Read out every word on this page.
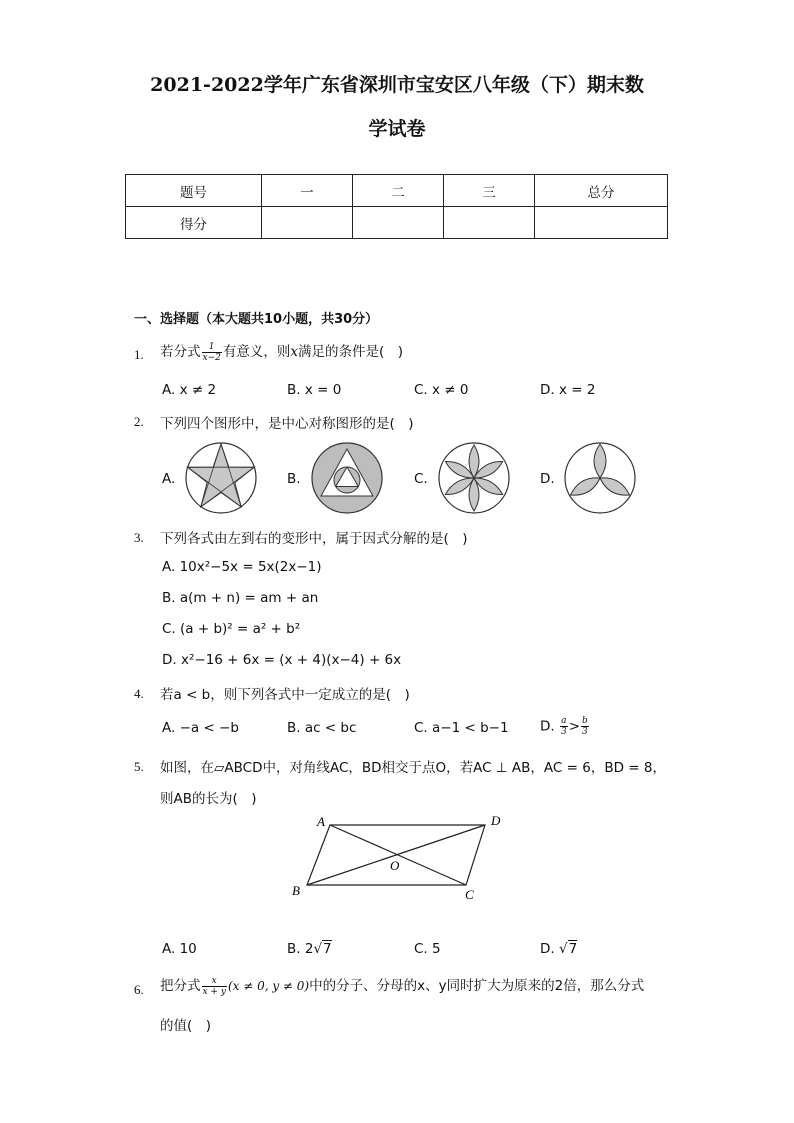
2021-2022学年广东省深圳市宝安区八年级（下）期末数
学试卷
题号	一	二	三	总分
得分				
一、选择题（本大题共10小题，共30分）
1. 若分式 $\frac{1}{x-2}$ 有意义，则x满足的条件是(　)
A. x ≠ 2	B. x = 0	C. x ≠ 0	D. x = 2
2. 下列四个图形中，是中心对称图形的是(　)
A.	B.	C.	D.
3. 下列各式由左到右的变形中，属于因式分解的是(　)
A. 10x²−5x = 5x(2x−1)
B. a(m + n) = am + an
C. (a + b)² = a² + b²
D. x²−16 + 6x = (x + 4)(x−4) + 6x
4. 若a < b，则下列各式中一定成立的是(　)
A. −a < −b	B. ac < bc	C. a−1 < b−1 D. $\frac{a}{3} > \frac{b}{3}$
5. 如图，在▱ABCD中，对角线AC，BD相交于点O，若AC ⊥ AB，AC = 6，BD = 8，
则AB的长为(　)
A	D
B	C
O
A. 10	B. 2√7	C. 5	D. √7
6. 把分式 $\frac{x}{x + y} (x \ne 0$, y ≠ 0)中的分子、分母的x、y同时扩大为原来的2倍，那么分式
的值(　)
